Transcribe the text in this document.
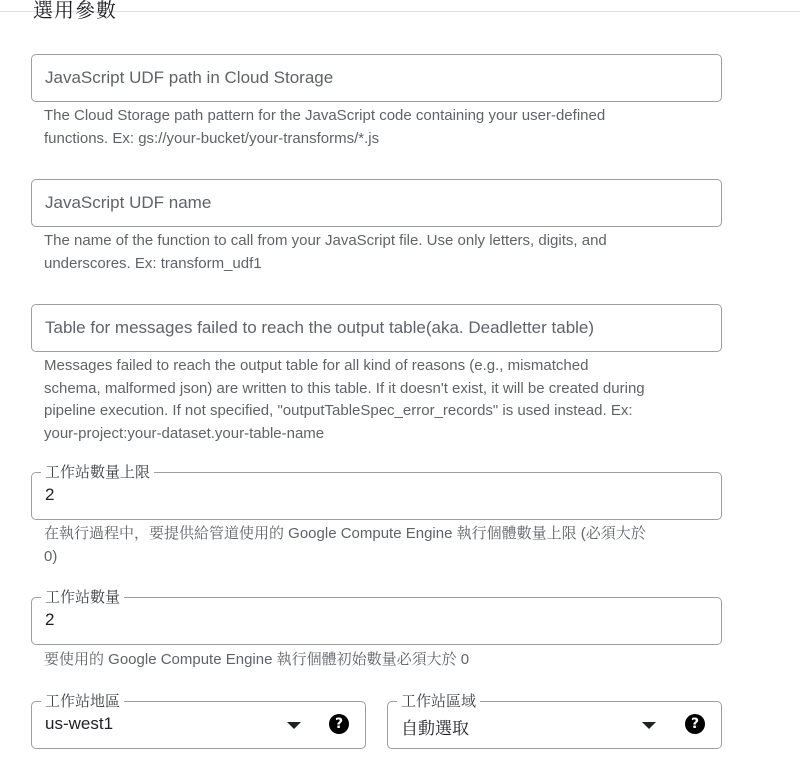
選用參數
JavaScript UDF path in Cloud Storage
The Cloud Storage path pattern for the JavaScript code containing your user-defined
functions. Ex: gs://your-bucket/your-transforms/*.js
JavaScript UDF name
The name of the function to call from your JavaScript file. Use only letters, digits, and
underscores. Ex: transform_udf1
Table for messages failed to reach the output table(aka. Deadletter table)
Messages failed to reach the output table for all kind of reasons (e.g., mismatched
schema, malformed json) are written to this table. If it doesn't exist, it will be created during
pipeline execution. If not specified, "outputTableSpec_error_records" is used instead. Ex:
your-project:your-dataset.your-table-name
工作站數量上限
2
在執行過程中，要提供給管道使用的 Google Compute Engine 執行個體數量上限 (必須大於
0)
工作站數量
2
要使用的 Google Compute Engine 執行個體初始數量必須大於 0
工作站地區
us-west1	?
工作站區域
自動選取	?
